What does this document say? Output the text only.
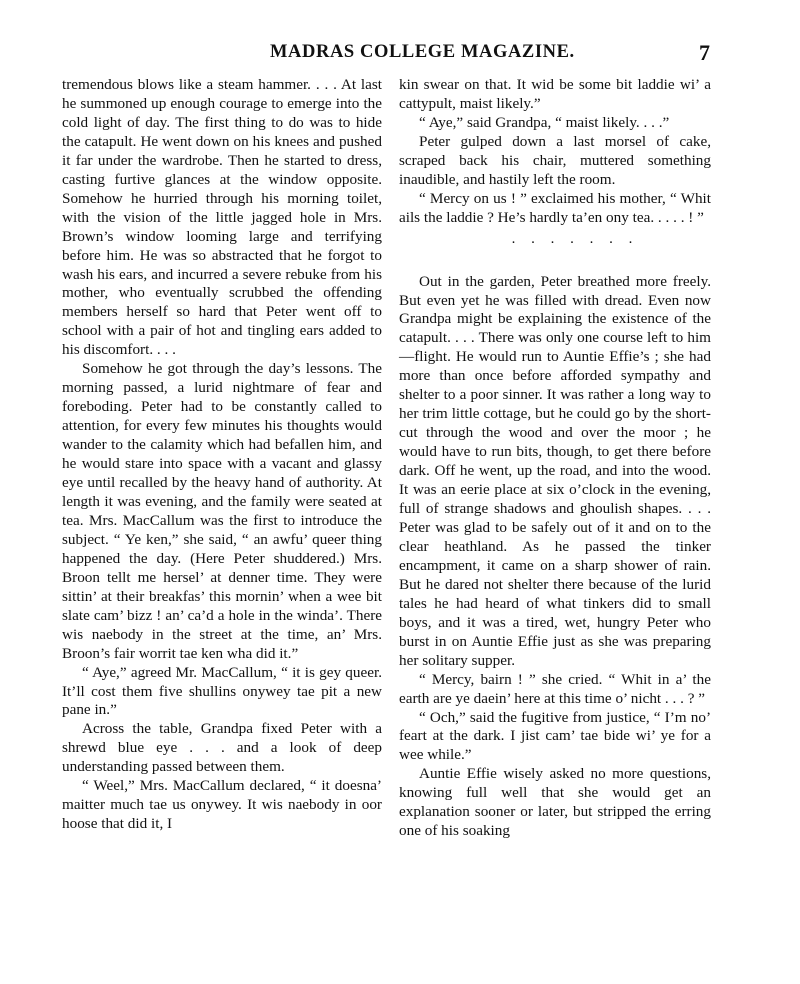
MADRAS COLLEGE MAGAZINE.	7

tremendous blows like a steam hammer. . . . At last he summoned up enough courage to emerge into the cold light of day. The first thing to do was to hide the catapult. He went down on his knees and pushed it far under the wardrobe. Then he started to dress, casting furtive glances at the window opposite. Somehow he hurried through his morning toilet, with the vision of the little jagged hole in Mrs. Brown’s window looming large and terrifying before him. He was so abstracted that he forgot to wash his ears, and incurred a severe rebuke from his mother, who eventually scrubbed the offending members herself so hard that Peter went off to school with a pair of hot and tingling ears added to his discomfort. . . .

Somehow he got through the day’s lessons. The morning passed, a lurid nightmare of fear and foreboding. Peter had to be constantly called to attention, for every few minutes his thoughts would wander to the calamity which had befallen him, and he would stare into space with a vacant and glassy eye until recalled by the heavy hand of authority. At length it was evening, and the family were seated at tea. Mrs. MacCallum was the first to introduce the subject. “ Ye ken,” she said, “ an awfu’ queer thing happened the day. (Here Peter shuddered.) Mrs. Broon tellt me hersel’ at denner time. They were sittin’ at their breakfas’ this mornin’ when a wee bit slate cam’ bizz ! an’ ca’d a hole in the winda’. There wis naebody in the street at the time, an’ Mrs. Broon’s fair worrit tae ken wha did it.”

“ Aye,” agreed Mr. MacCallum, “ it is gey queer. It’ll cost them five shullins onywey tae pit a new pane in.”

Across the table, Grandpa fixed Peter with a shrewd blue eye . . . and a look of deep understanding passed between them.

“ Weel,” Mrs. MacCallum declared, “ it doesna’ maitter much tae us onywey. It wis naebody in oor hoose that did it, I

kin swear on that. It wid be some bit laddie wi’ a cattypult, maist likely.”

“ Aye,” said Grandpa, “ maist likely. . . .”

Peter gulped down a last morsel of cake, scraped back his chair, muttered something inaudible, and hastily left the room.

“ Mercy on us ! ” exclaimed his mother, “ Whit ails the laddie ? He’s hardly ta’en ony tea. . . . . ! ”

. . . . . . .

Out in the garden, Peter breathed more freely. But even yet he was filled with dread. Even now Grandpa might be explaining the existence of the catapult. . . . There was only one course left to him—flight. He would run to Auntie Effie’s ; she had more than once before afforded sympathy and shelter to a poor sinner. It was rather a long way to her trim little cottage, but he could go by the short-cut through the wood and over the moor ; he would have to run bits, though, to get there before dark. Off he went, up the road, and into the wood. It was an eerie place at six o’clock in the evening, full of strange shadows and ghoulish shapes. . . . Peter was glad to be safely out of it and on to the clear heathland. As he passed the tinker encampment, it came on a sharp shower of rain. But he dared not shelter there because of the lurid tales he had heard of what tinkers did to small boys, and it was a tired, wet, hungry Peter who burst in on Auntie Effie just as she was preparing her solitary supper.

“ Mercy, bairn ! ” she cried. “ Whit in a’ the earth are ye daein’ here at this time o’ nicht . . . ? ”

“ Och,” said the fugitive from justice, “ I’m no’ feart at the dark. I jist cam’ tae bide wi’ ye for a wee while.”

Auntie Effie wisely asked no more questions, knowing full well that she would get an explanation sooner or later, but stripped the erring one of his soaking
